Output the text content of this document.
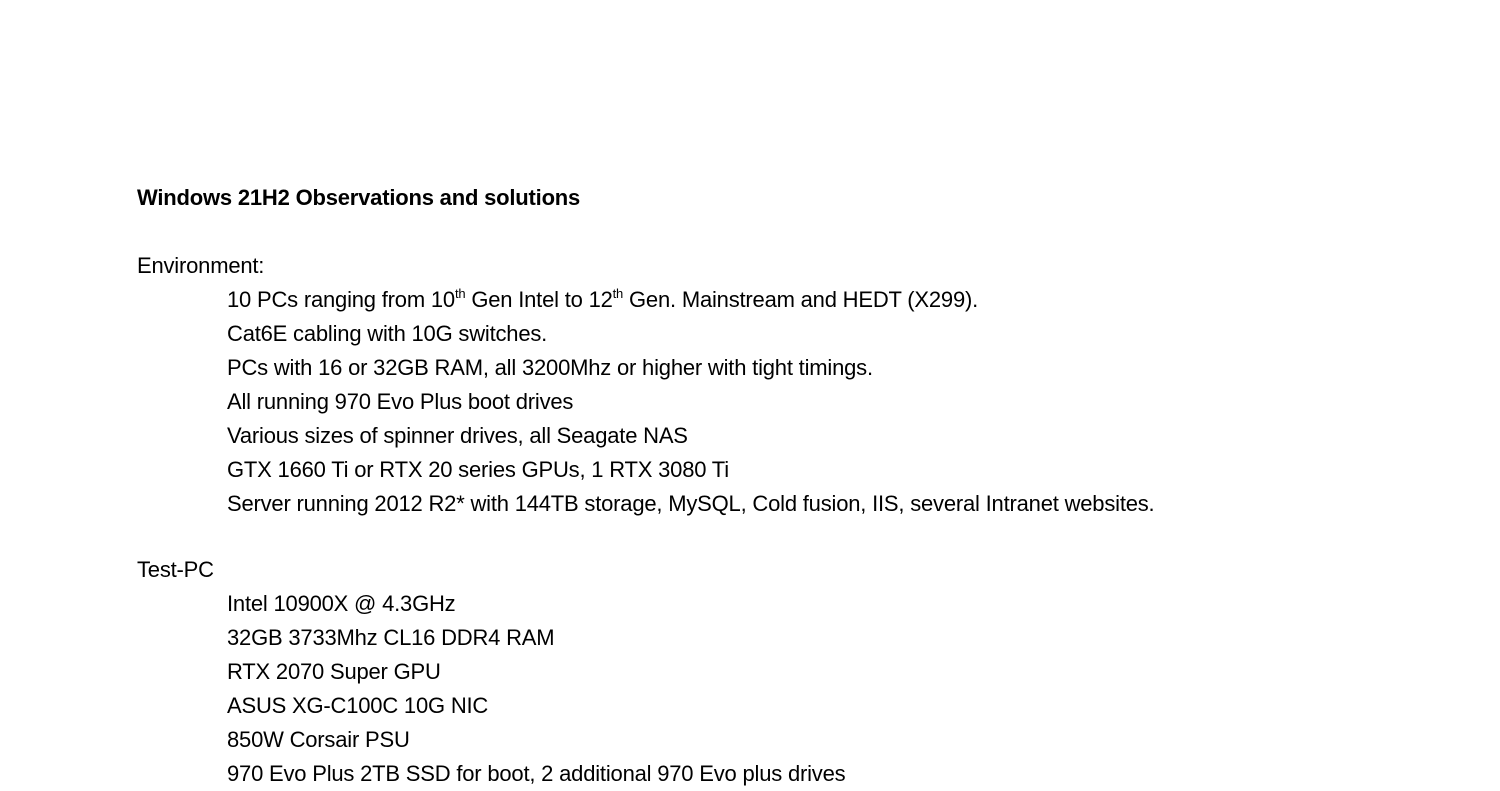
Windows 21H2 Observations and solutions
Environment:
10 PCs ranging from 10th Gen Intel to 12th Gen. Mainstream and HEDT (X299).
Cat6E cabling with 10G switches.
PCs with 16 or 32GB RAM, all 3200Mhz or higher with tight timings.
All running 970 Evo Plus boot drives
Various sizes of spinner drives, all Seagate NAS
GTX 1660 Ti or RTX 20 series GPUs, 1 RTX 3080 Ti
Server running 2012 R2* with 144TB storage, MySQL, Cold fusion, IIS, several Intranet websites.
Test-PC
Intel 10900X @ 4.3GHz
32GB 3733Mhz CL16 DDR4 RAM
RTX 2070 Super GPU
ASUS XG-C100C 10G NIC
850W Corsair PSU
970 Evo Plus 2TB SSD for boot, 2 additional 970 Evo plus drives
